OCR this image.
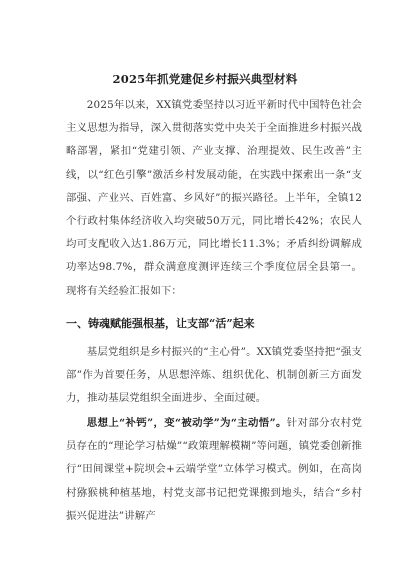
2025年抓党建促乡村振兴典型材料
2025年以来，XX镇党委坚持以习近平新时代中国特色社会主义思想为指导，深入贯彻落实党中央关于全面推进乡村振兴战略部署，紧扣“党建引领、产业支撑、治理提效、民生改善”主线，以“红色引擎”激活乡村发展动能，在实践中探索出一条“支部强、产业兴、百姓富、乡风好”的振兴路径。上半年，全镇12个行政村集体经济收入均突破50万元，同比增长42%；农民人均可支配收入达1.86万元，同比增长11.3%；矛盾纠纷调解成功率达98.7%，群众满意度测评连续三个季度位居全县第一。现将有关经验汇报如下：
一、铸魂赋能强根基，让支部“活”起来
基层党组织是乡村振兴的“主心骨”。XX镇党委坚持把“强支部”作为首要任务，从思想淬炼、组织优化、机制创新三方面发力，推动基层党组织全面进步、全面过硬。
思想上“补钙”，变“被动学”为“主动悟”。针对部分农村党员存在的“理论学习枯燥”“政策理解模糊”等问题，镇党委创新推行“田间课堂+院坝会+云端学堂”立体学习模式。例如，在高岗村猕猴桃种植基地，村党支部书记把党课搬到地头，结合“乡村振兴促进法”讲解产
